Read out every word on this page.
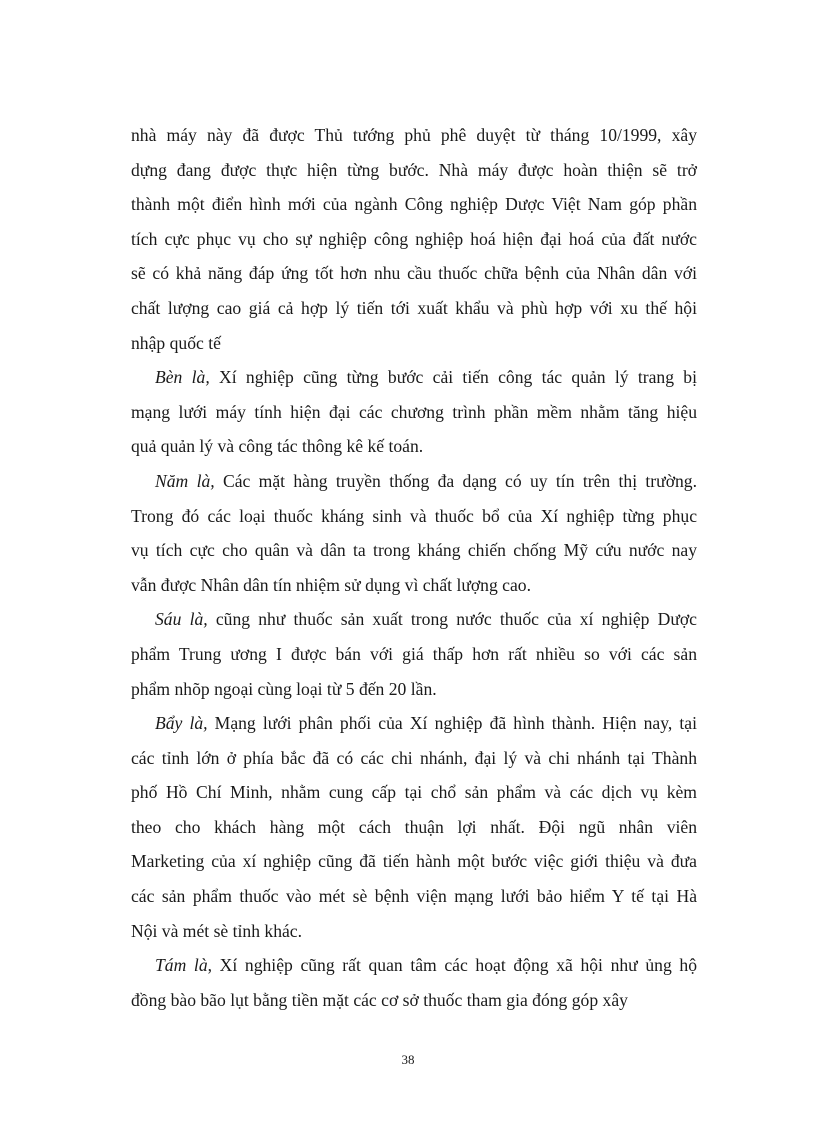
nhà máy này đã được Thủ tướng phủ phê duyệt từ tháng 10/1999, xây
dựng đang được thực hiện từng bước. Nhà máy được hoàn thiện sẽ trở
thành một điển hình mới của ngành Công nghiệp Dược Việt Nam góp phần
tích cực phục vụ cho sự nghiệp công nghiệp hoá hiện đại hoá của đất nước
sẽ có khả năng đáp ứng tốt hơn nhu cầu thuốc chữa bệnh của Nhân dân với
chất lượng cao giá cả hợp lý tiến tới xuất khẩu và phù hợp với xu thế hội
nhập quốc tế
Bèn là, Xí nghiệp cũng từng bước cải tiến công tác quản lý trang bị
mạng lưới máy tính hiện đại các chương trình phần mềm nhằm tăng hiệu
quả quản lý và công tác thông kê kế toán.
Năm là, Các mặt hàng truyền thống đa dạng có uy tín trên thị trường.
Trong đó các loại thuốc kháng sinh và thuốc bổ của Xí nghiệp từng phục
vụ tích cực cho quân và dân ta trong kháng chiến chống Mỹ cứu nước nay
vẫn được Nhân dân tín nhiệm sử dụng vì chất lượng cao.
Sáu là, cũng như thuốc sản xuất trong nước thuốc của xí nghiệp Dược
phẩm Trung ương I được bán với giá thấp hơn rất nhiều so với các sản
phẩm nhõp ngoại cùng loại từ 5 đến 20 lần.
Bẩy là, Mạng lưới phân phối của Xí nghiệp đã hình thành. Hiện nay, tại
các tỉnh lớn ở phía bắc đã có các chi nhánh, đại lý và chi nhánh tại Thành
phố Hồ Chí Minh, nhằm cung cấp tại chổ sản phẩm và các dịch vụ kèm
theo cho khách hàng một cách thuận lợi nhất. Đội ngũ nhân viên
Marketing của xí nghiệp cũng đã tiến hành một bước việc giới thiệu và đưa
các sản phẩm thuốc vào mét sè bệnh viện mạng lưới bảo hiểm Y tế tại Hà
Nội và mét sè tỉnh khác.
Tám là, Xí nghiệp cũng rất quan tâm các hoạt động xã hội như ủng hộ
đồng bào bão lụt bằng tiền mặt các cơ sở thuốc tham gia đóng góp xây
38
